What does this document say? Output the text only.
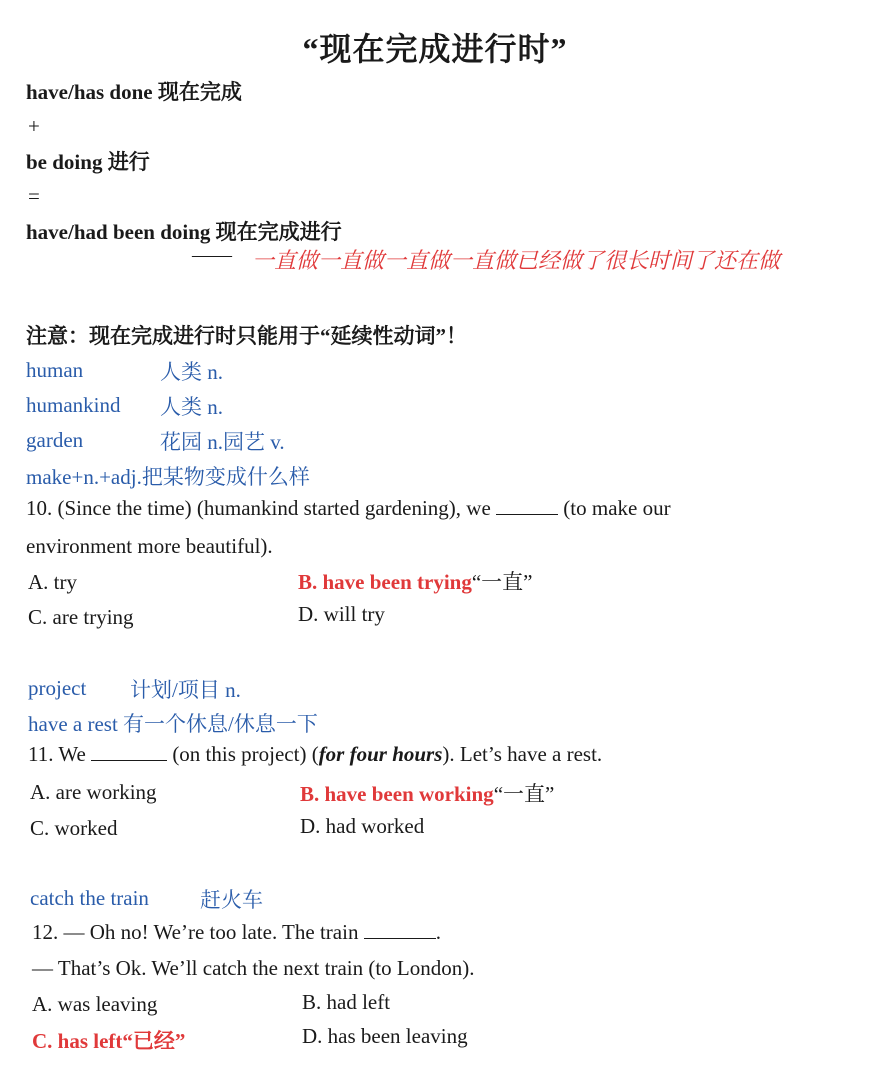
“现在完成进行时”
have/has done 现在完成
+
be doing 进行
=
have/had been doing 现在完成进行
—— 一直做一直做一直做一直做已经做了很长时间了还在做
注意：现在完成进行时只能用于“延续性动词”！
human	人类 n.
humankind 人类 n.
garden	花园 n.园艺 v.
make+n.+adj.把某物变成什么样
10. (Since the time) (humankind started gardening), we	(to make our
environment more beautiful).
A. try	B. have been trying“一直”
C. are trying	D. will try
project 计划/项目 n.
have a rest 有一个休息/休息一下
11. We	(on this project) (for four hours). Let’s have a rest.
A. are working	B. have been working“一直”
C. worked	D. had worked
catch the train 赶火车
12. — Oh no! We’re too late. The train	.
— That’s Ok. We’ll catch the next train (to London).
A. was leaving	B. had left
C. has left“已经”	D. has been leaving
